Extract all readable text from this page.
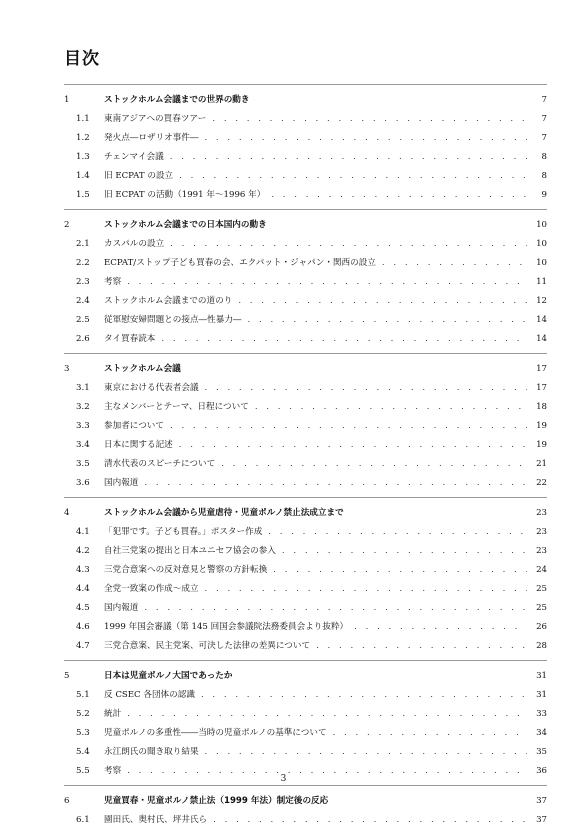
目次
1	ストックホルム会議までの世界の動き	7
1.1	東南アジアへの買春ツアー . . .	7
1.2	発火点―ロザリオ事件― . . .	7
1.3	チェンマイ会議 . . .	8
1.4	旧 ECPAT の設立 . . .	8
1.5	旧 ECPAT の活動（1991 年〜1996 年） . . .	9
2	ストックホルム会議までの日本国内の動き	10
2.1	カスパルの設立 . . .	10
2.2	ECPAT/ストップ子ども買春の会、エクパット・ジャパン・関西の設立 . . .	10
2.3	考察 . . .	11
2.4	ストックホルム会議までの道のり . . .	12
2.5	従軍慰安婦問題との接点―性暴力― . . .	14
2.6	タイ買春読本 . . .	14
3	ストックホルム会議	17
3.1	東京における代表者会議 . . .	17
3.2	主なメンバーとテーマ、日程について . . .	18
3.3	参加者について . . .	19
3.4	日本に関する記述 . . .	19
3.5	清水代表のスピーチについて . . .	21
3.6	国内報道 . . .	22
4	ストックホルム会議から児童虐待・児童ポルノ禁止法成立まで	23
4.1	「犯罪です。子ども買春。」ポスター作成 . . .	23
4.2	自社三党案の提出と日本ユニセフ協会の参入 . . .	23
4.3	三党合意案への反対意見と警察の方針転換 . . .	24
4.4	全党一致案の作成〜成立 . . .	25
4.5	国内報道 . . .	25
4.6	1999 年国会審議（第 145 回国会参議院法務委員会より抜粋） . . .	26
4.7	三党合意案、民主党案、可決した法律の差異について . . .	28
5	日本は児童ポルノ大国であったか	31
5.1	反 CSEC 各団体の認識 . . .	31
5.2	統計 . . .	33
5.3	児童ポルノの多重性――当時の児童ポルノの基準について . . .	34
5.4	永江朗氏の聞き取り結果 . . .	35
5.5	考察 . . .	36
6	児童買春・児童ポルノ禁止法（1999 年法）制定後の反応	37
6.1	園田氏、奥村氏、坪井氏ら . . .	37
3
